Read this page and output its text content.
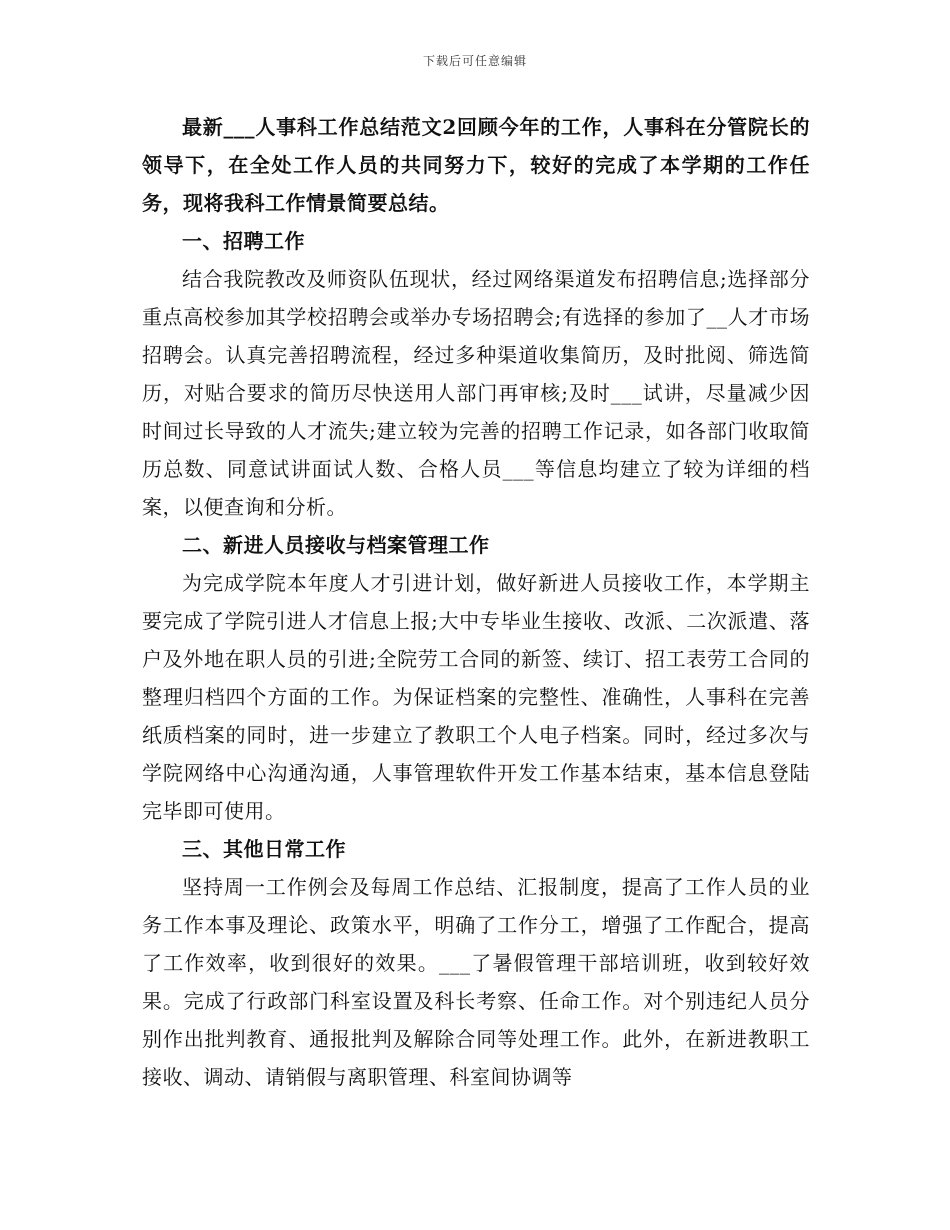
下载后可任意编辑

最新___人事科工作总结范文2回顾今年的工作，人事科在分管院长的领导下，在全处工作人员的共同努力下，较好的完成了本学期的工作任务，现将我科工作情景简要总结。

一、招聘工作

结合我院教改及师资队伍现状，经过网络渠道发布招聘信息;选择部分重点高校参加其学校招聘会或举办专场招聘会;有选择的参加了__人才市场招聘会。认真完善招聘流程，经过多种渠道收集简历，及时批阅、筛选简历，对贴合要求的简历尽快送用人部门再审核;及时___试讲，尽量减少因时间过长导致的人才流失;建立较为完善的招聘工作记录，如各部门收取简历总数、同意试讲面试人数、合格人员___等信息均建立了较为详细的档案，以便查询和分析。

二、新进人员接收与档案管理工作

为完成学院本年度人才引进计划，做好新进人员接收工作，本学期主要完成了学院引进人才信息上报;大中专毕业生接收、改派、二次派遣、落户及外地在职人员的引进;全院劳工合同的新签、续订、招工表劳工合同的整理归档四个方面的工作。为保证档案的完整性、准确性，人事科在完善纸质档案的同时，进一步建立了教职工个人电子档案。同时，经过多次与学院网络中心沟通沟通，人事管理软件开发工作基本结束，基本信息登陆完毕即可使用。

三、其他日常工作

坚持周一工作例会及每周工作总结、汇报制度，提高了工作人员的业务工作本事及理论、政策水平，明确了工作分工，增强了工作配合，提高了工作效率，收到很好的效果。___了暑假管理干部培训班，收到较好效果。完成了行政部门科室设置及科长考察、任命工作。对个别违纪人员分别作出批判教育、通报批判及解除合同等处理工作。此外，在新进教职工接收、调动、请销假与离职管理、科室间协调等
